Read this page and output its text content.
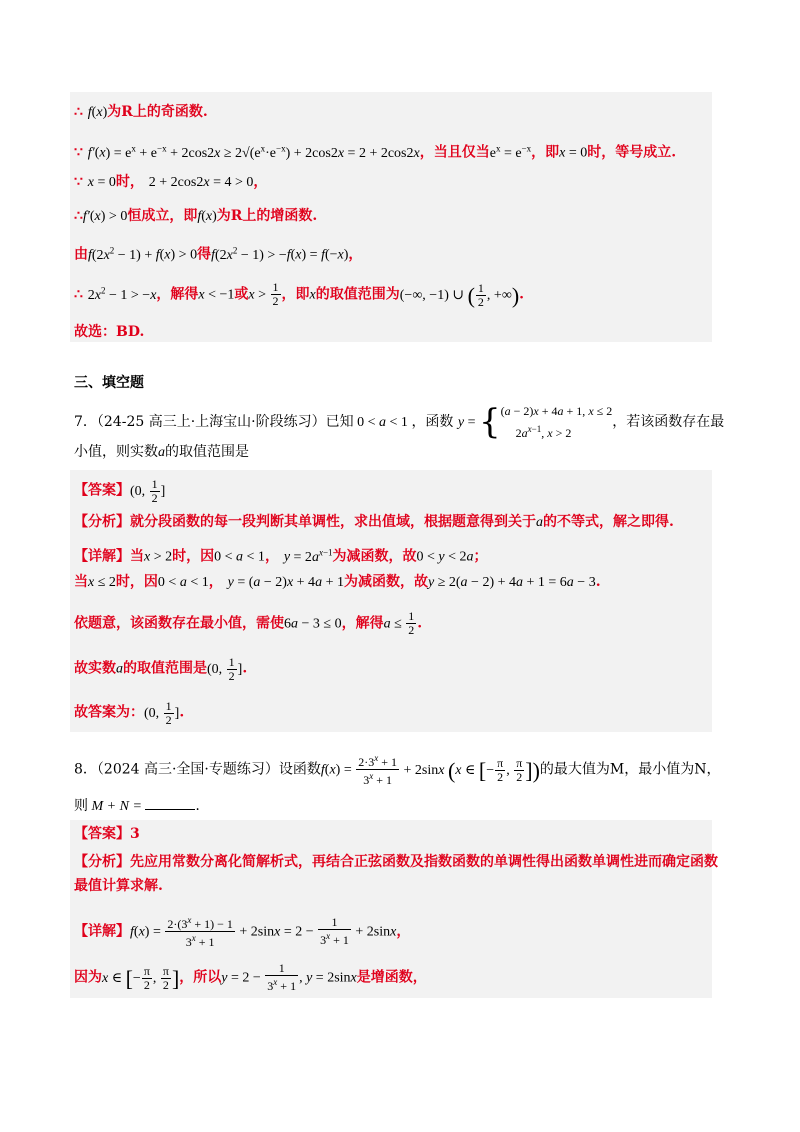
∴ f(x)为R上的奇函数.
∵ $f'(x) = e^x + e^{-x} + 2\cos 2x \ge 2√(e^x\cdot e^{-x}) + 2\cos 2x = 2 + 2\cos 2x$，当且仅当$e^x = e^{-x}$，即x = 0时，等号成立.
∵ x = 0时， 2 + 2cos2x = 4 > 0，
∴f′(x) > 0恒成立，即f(x)为R上的增函数.
由$f(2x^2 - 1) + f(x) > 0$得$f(2x^2 - 1) > -f(x) = f(-x)$，
∴ $2x^2 - 1 > -x$，解得x < −1或$x > \frac{1}{2}$ ，即x的取值范围为(−∞, −1) ∪ ( $\frac{1}{2}$ , +∞).
故选：BD.
三、填空题
7．（24-25 高三上·上海宝山·阶段练习）已知 0 < a < 1 ，函数 y = { (a − 2)x + 4a + 1, x ≤ 2
$2a^{x-1}$, x > 2
，若该函数存在最
小值，则实数a的取值范围是
【答案】(0, $\frac{1}{2}$ ]
【分析】就分段函数的每一段判断其单调性，求出值域，根据题意得到关于a的不等式，解之即得.
【详解】当x > 2时，因0 < a < 1， $y = 2a^{x-1}$为减函数，故0 < y < 2a；
当x ≤ 2时，因0 < a < 1， y = (a − 2)x + 4a + 1为减函数，故y ≥ 2(a − 2) + 4a + 1 = 6a − 3.
依题意，该函数存在最小值，需使6a − 3 ≤ 0，解得$a \le \frac{1}{2}$ .
故实数a的取值范围是(0, $\frac{1}{2}$ ].
故答案为：(0, $\frac{1}{2}$ ].
8．（2024 高三·全国·专题练习）设函数$f(x) = \frac{2\cdot 3^x + 1}{3^x + 1} + 2\sin x$ (x ∈ [− $\frac{\pi}{2}$ , $\frac{\pi}{2}$ ])的最大值为M，最小值为N，
则 M + N =	.
【答案】3
【分析】先应用常数分离化简解析式，再结合正弦函数及指数函数的单调性得出函数单调性进而确定函数
最值计算求解.
【详解】$f(x) = \frac{2\cdot(3^x + 1) - 1}{3^x + 1} + 2\sin x = 2 - \frac{1}{3^x + 1} + 2\sin x$，
因为x ∈ [− $\frac{\pi}{2}$ , $\frac{\pi}{2}$ ]，所以$y = 2 - \frac{1}{3^x + 1}$ , y = 2sinx是增函数，
